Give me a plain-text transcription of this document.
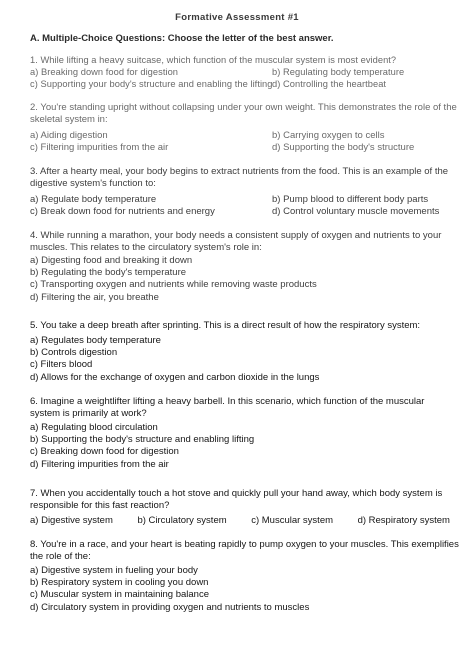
Formative Assessment #1
A. Multiple-Choice Questions: Choose the letter of the best answer.
1. While lifting a heavy suitcase, which function of the muscular system is most evident?
a) Breaking down food for digestion	b) Regulating body temperature
c) Supporting your body's structure and enabling the lifting d) Controlling the heartbeat
2. You're standing upright without collapsing under your own weight. This demonstrates the role of the
skeletal system in:
a) Aiding digestion	b) Carrying oxygen to cells
c) Filtering impurities from the air	d) Supporting the body's structure
3. After a hearty meal, your body begins to extract nutrients from the food. This is an example of the
digestive system's function to:
a) Regulate body temperature	b) Pump blood to different body parts
c) Break down food for nutrients and energy	d) Control voluntary muscle movements
4. While running a marathon, your body needs a consistent supply of oxygen and nutrients to your
muscles. This relates to the circulatory system's role in:
a) Digesting food and breaking it down
b) Regulating the body's temperature
c) Transporting oxygen and nutrients while removing waste products
d) Filtering the air, you breathe
5. You take a deep breath after sprinting. This is a direct result of how the respiratory system:
a) Regulates body temperature
b) Controls digestion
c) Filters blood
d) Allows for the exchange of oxygen and carbon dioxide in the lungs
6. Imagine a weightlifter lifting a heavy barbell. In this scenario, which function of the muscular
system is primarily at work?
a) Regulating blood circulation
b) Supporting the body's structure and enabling lifting
c) Breaking down food for digestion
d) Filtering impurities from the air
7. When you accidentally touch a hot stove and quickly pull your hand away, which body system is
responsible for this fast reaction?
a) Digestive system	b) Circulatory system	c) Muscular system	d) Respiratory system
8. You're in a race, and your heart is beating rapidly to pump oxygen to your muscles. This exemplifies
the role of the:
a) Digestive system in fueling your body
b) Respiratory system in cooling you down
c) Muscular system in maintaining balance
d) Circulatory system in providing oxygen and nutrients to muscles
